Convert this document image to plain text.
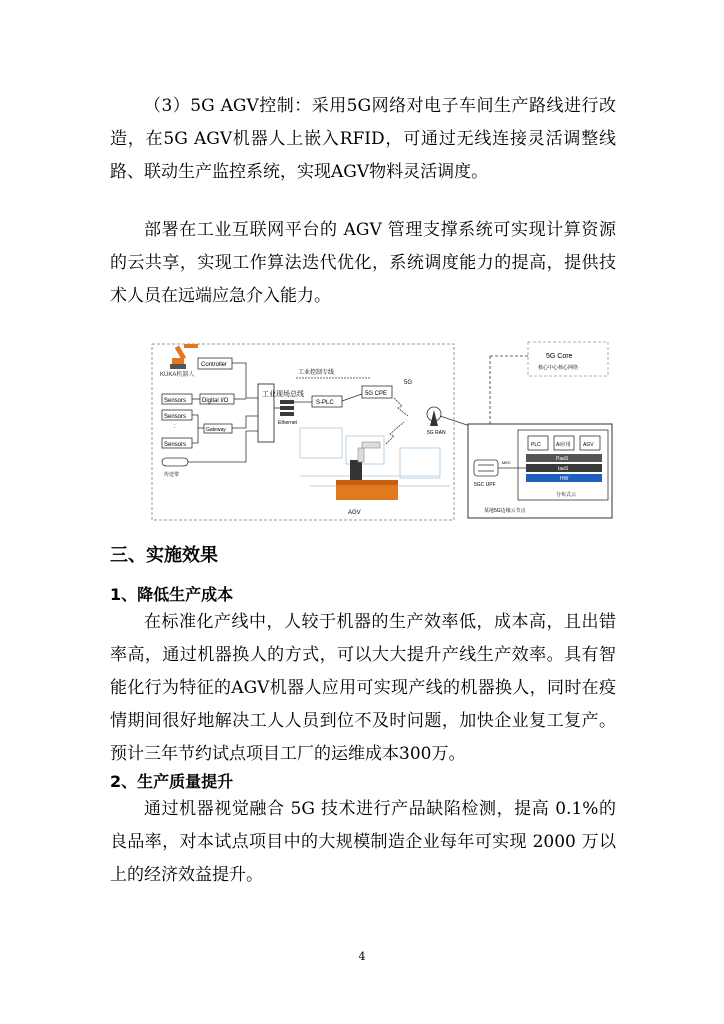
（3）5G AGV控制：采用5G网络对电子车间生产路线进行改造，在5G AGV机器人上嵌入RFID，可通过无线连接灵活调整线路、联动生产监控系统，实现AGV物料灵活调度。

部署在工业互联网平台的 AGV 管理支撑系统可实现计算资源的云共享，实现工作算法迭代优化，系统调度能力的提高，提供技术人员在远端应急介入能力。

KUKA机器人
Controller
Sensors	Digital I/O
Sensors
:	Gateway
Sensors
传送带
工业现场总线
Ethernet
工业控制专线
S-PLC
5G CPE
5G
5G RAN
AGV
5G Core
核心中心核心网络
PLC	AI应用 AGV
PaaS
IaaS
HW
分布式云
5GC UPF
MEC
某地5G边缘云节点
三、实施效果
1、降低生产成本

在标准化产线中，人较于机器的生产效率低，成本高，且出错率高，通过机器换人的方式，可以大大提升产线生产效率。具有智能化行为特征的AGV机器人应用可实现产线的机器换人，同时在疫情期间很好地解决工人人员到位不及时问题，加快企业复工复产。预计三年节约试点项目工厂的运维成本300万。

2、生产质量提升

通过机器视觉融合 5G 技术进行产品缺陷检测，提高 0.1%的良品率，对本试点项目中的大规模制造企业每年可实现 2000 万以上的经济效益提升。

4
